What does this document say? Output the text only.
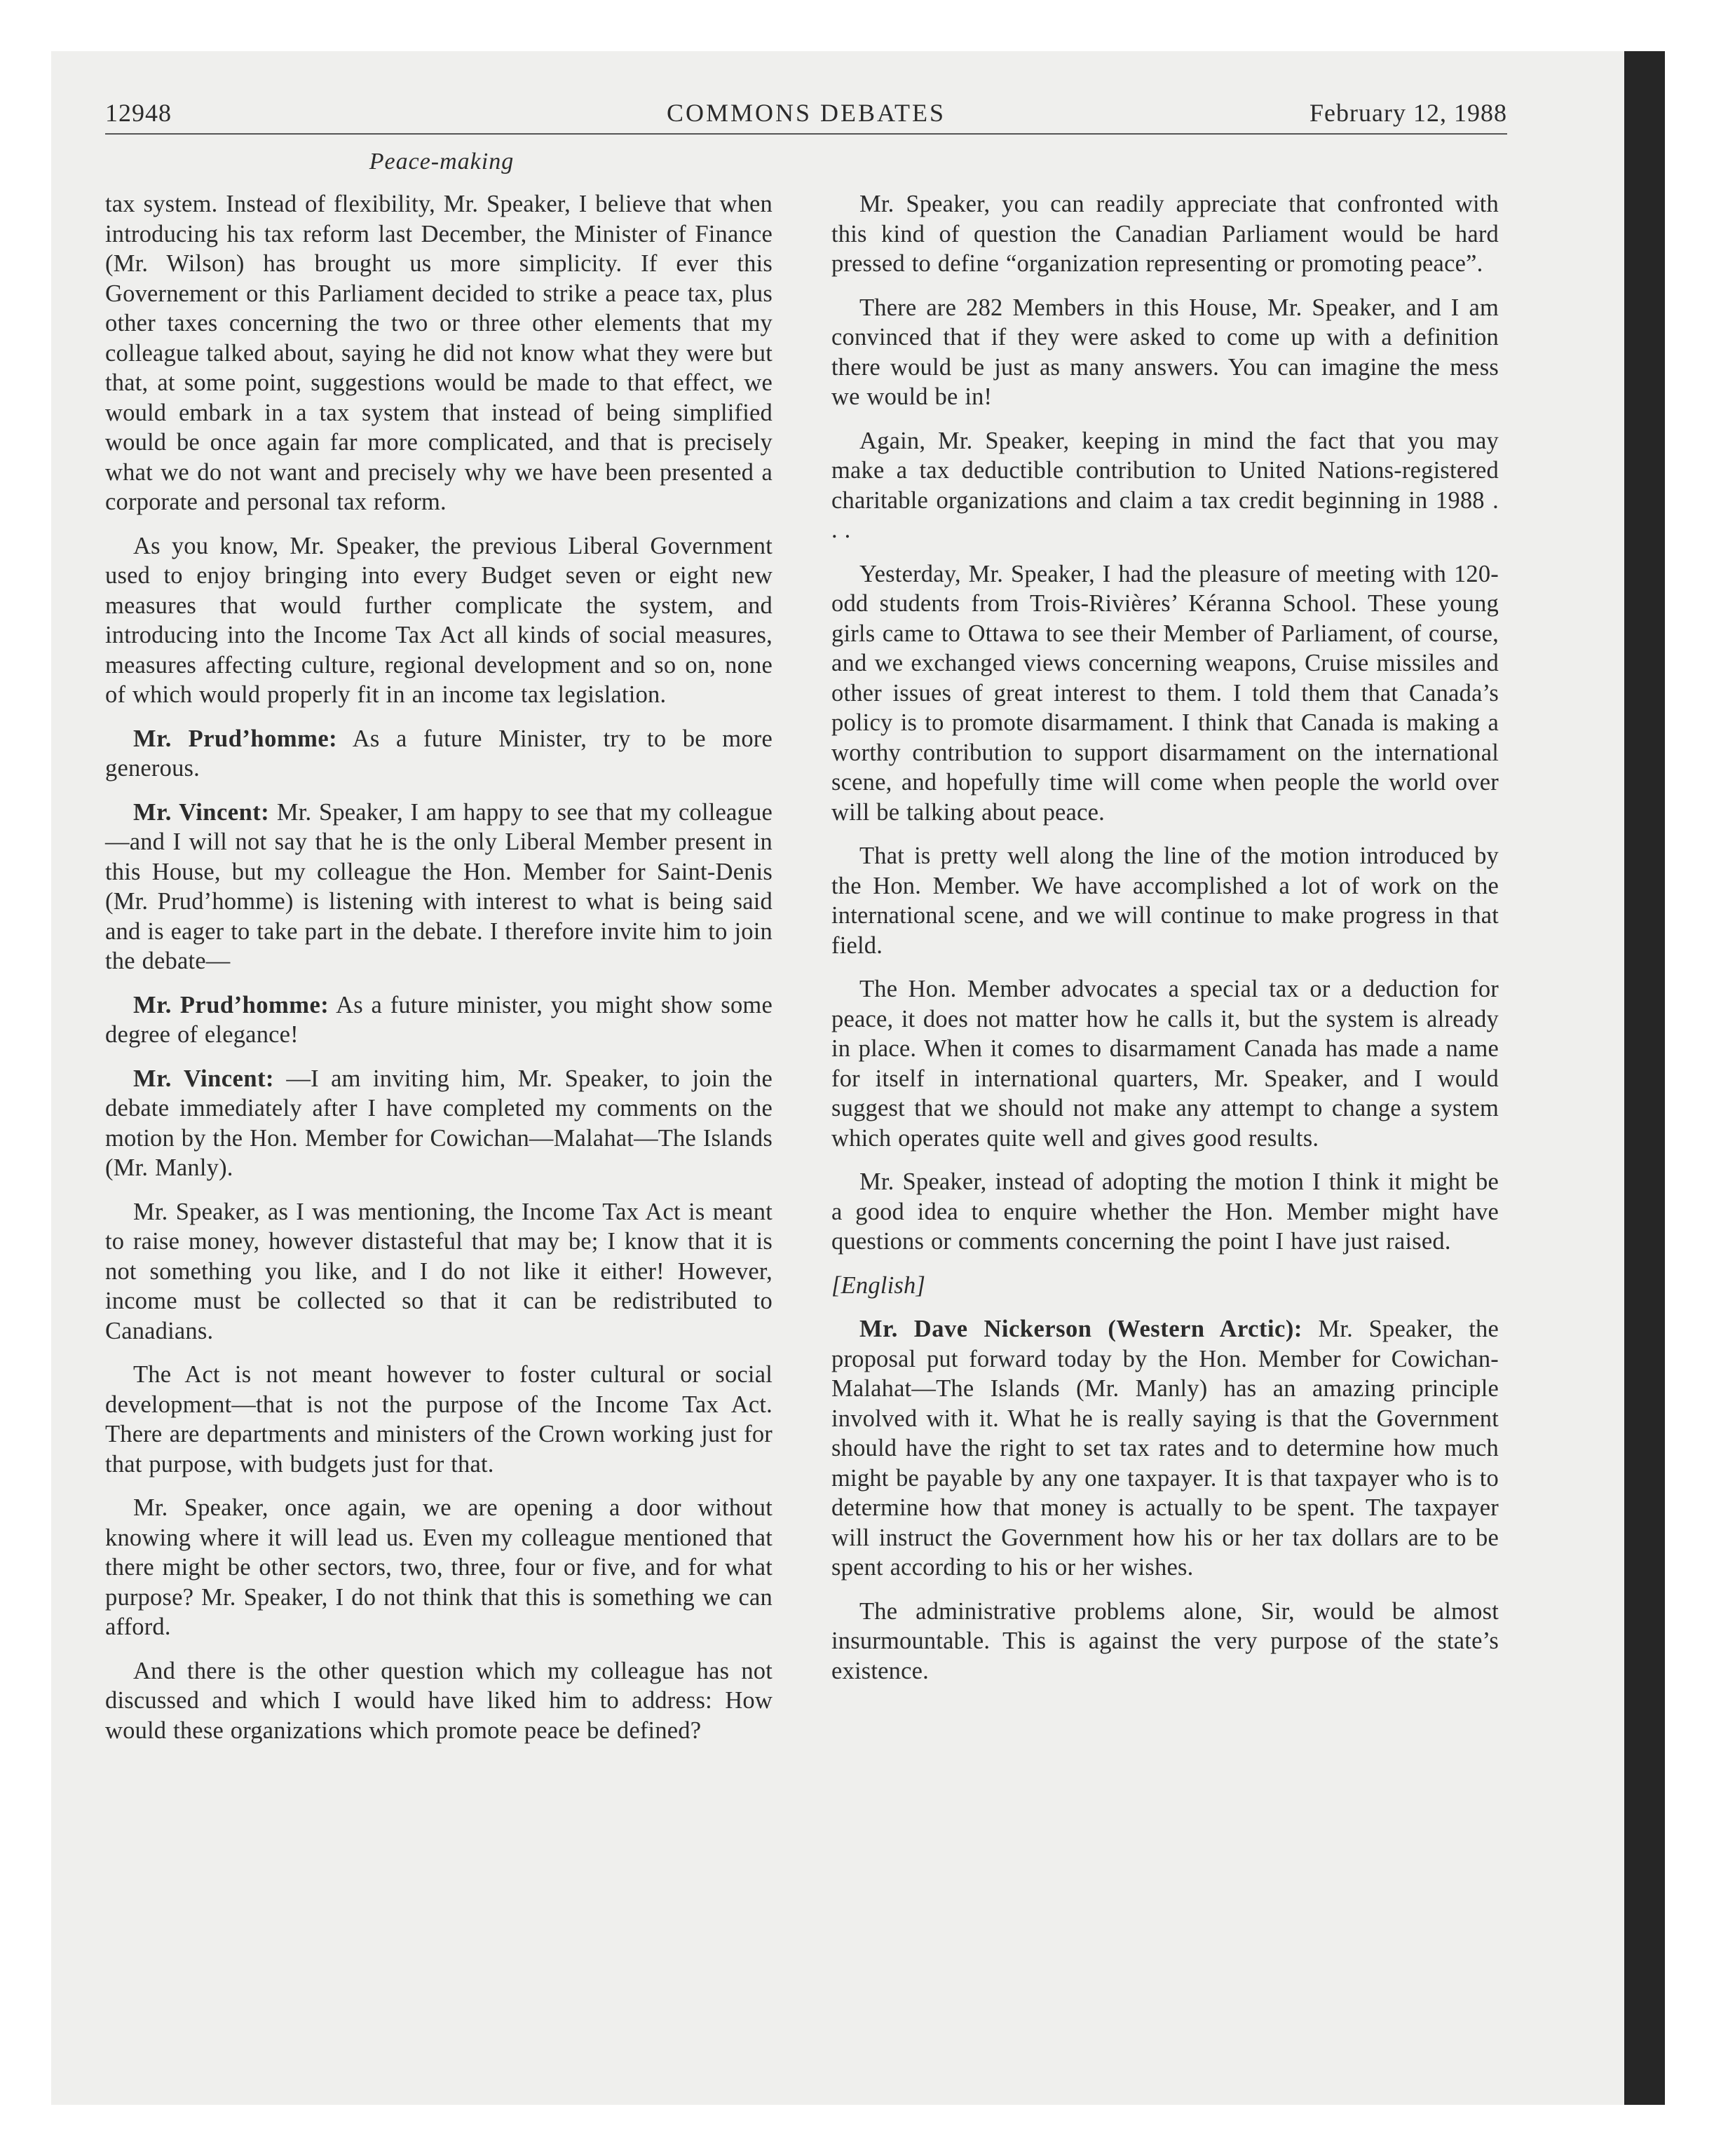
12948	COMMONS DEBATES	February 12, 1988
Peace-making

tax system. Instead of flexibility, Mr. Speaker, I believe that when introducing his tax reform last December, the Minister of Finance (Mr. Wilson) has brought us more simplicity. If ever this Governement or this Parliament decided to strike a peace tax, plus other taxes concerning the two or three other elements that my colleague talked about, saying he did not know what they were but that, at some point, suggestions would be made to that effect, we would embark in a tax system that instead of being simplified would be once again far more complicated, and that is precisely what we do not want and precisely why we have been presented a corporate and personal tax reform.

As you know, Mr. Speaker, the previous Liberal Government used to enjoy bringing into every Budget seven or eight new measures that would further complicate the system, and introducing into the Income Tax Act all kinds of social measures, measures affecting culture, regional development and so on, none of which would properly fit in an income tax legislation.

Mr. Prud’homme: As a future Minister, try to be more generous.

Mr. Vincent: Mr. Speaker, I am happy to see that my colleague—and I will not say that he is the only Liberal Member present in this House, but my colleague the Hon. Member for Saint-Denis (Mr. Prud’homme) is listening with interest to what is being said and is eager to take part in the debate. I therefore invite him to join the debate—

Mr. Prud’homme: As a future minister, you might show some degree of elegance!

Mr. Vincent: —I am inviting him, Mr. Speaker, to join the debate immediately after I have completed my comments on the motion by the Hon. Member for Cowichan—Malahat—The Islands (Mr. Manly).

Mr. Speaker, as I was mentioning, the Income Tax Act is meant to raise money, however distasteful that may be; I know that it is not something you like, and I do not like it either! However, income must be collected so that it can be redistributed to Canadians.

The Act is not meant however to foster cultural or social development—that is not the purpose of the Income Tax Act. There are departments and ministers of the Crown working just for that purpose, with budgets just for that.

Mr. Speaker, once again, we are opening a door without knowing where it will lead us. Even my colleague mentioned that there might be other sectors, two, three, four or five, and for what purpose? Mr. Speaker, I do not think that this is something we can afford.

And there is the other question which my colleague has not discussed and which I would have liked him to address: How would these organizations which promote peace be defined?

Mr. Speaker, you can readily appreciate that confronted with this kind of question the Canadian Parliament would be hard pressed to define “organization representing or promoting peace”.

There are 282 Members in this House, Mr. Speaker, and I am convinced that if they were asked to come up with a definition there would be just as many answers. You can imagine the mess we would be in!

Again, Mr. Speaker, keeping in mind the fact that you may make a tax deductible contribution to United Nations-registered charitable organizations and claim a tax credit beginning in 1988 . . .

Yesterday, Mr. Speaker, I had the pleasure of meeting with 120-odd students from Trois-Rivières’ Kéranna School. These young girls came to Ottawa to see their Member of Parliament, of course, and we exchanged views concerning weapons, Cruise missiles and other issues of great interest to them. I told them that Canada’s policy is to promote disarmament. I think that Canada is making a worthy contribution to support disarmament on the international scene, and hopefully time will come when people the world over will be talking about peace.

That is pretty well along the line of the motion introduced by the Hon. Member. We have accomplished a lot of work on the international scene, and we will continue to make progress in that field.

The Hon. Member advocates a special tax or a deduction for peace, it does not matter how he calls it, but the system is already in place. When it comes to disarmament Canada has made a name for itself in international quarters, Mr. Speaker, and I would suggest that we should not make any attempt to change a system which operates quite well and gives good results.

Mr. Speaker, instead of adopting the motion I think it might be a good idea to enquire whether the Hon. Member might have questions or comments concerning the point I have just raised.

[English]

Mr. Dave Nickerson (Western Arctic): Mr. Speaker, the proposal put forward today by the Hon. Member for Cowichan-Malahat—The Islands (Mr. Manly) has an amazing principle involved with it. What he is really saying is that the Government should have the right to set tax rates and to determine how much might be payable by any one taxpayer. It is that taxpayer who is to determine how that money is actually to be spent. The taxpayer will instruct the Government how his or her tax dollars are to be spent according to his or her wishes.

The administrative problems alone, Sir, would be almost insurmountable. This is against the very purpose of the state’s existence.
